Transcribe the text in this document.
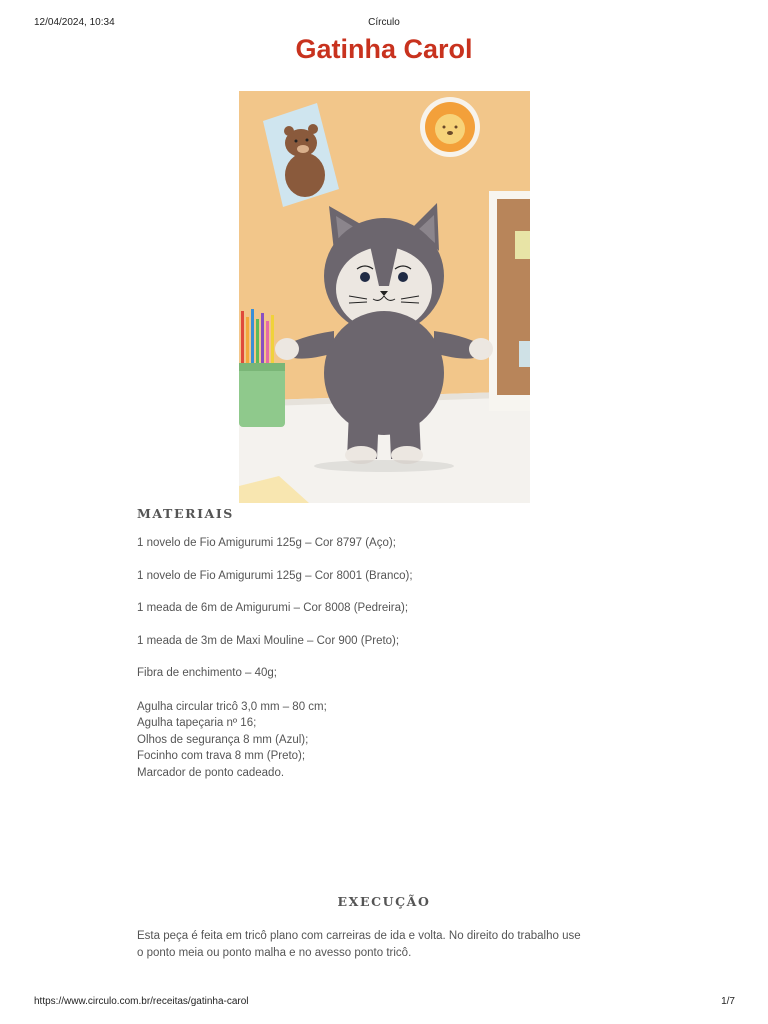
12/04/2024, 10:34	Círculo
Gatinha Carol
MATERIAIS

1 novelo de Fio Amigurumi 125g – Cor 8797 (Aço);

1 novelo de Fio Amigurumi 125g – Cor 8001 (Branco);

1 meada de 6m de Amigurumi – Cor 8008 (Pedreira);

1 meada de 3m de Maxi Mouline – Cor 900 (Preto);

Fibra de enchimento – 40g;

Agulha circular tricô 3,0 mm – 80 cm;
Agulha tapeçaria nº 16;
Olhos de segurança 8 mm (Azul);
Focinho com trava 8 mm (Preto);
Marcador de ponto cadeado.
EXECUÇÃO
Esta peça é feita em tricô plano com carreiras de ida e volta. No direito do trabalho use
o ponto meia ou ponto malha e no avesso ponto tricô.
https://www.circulo.com.br/receitas/gatinha-carol	1/7
